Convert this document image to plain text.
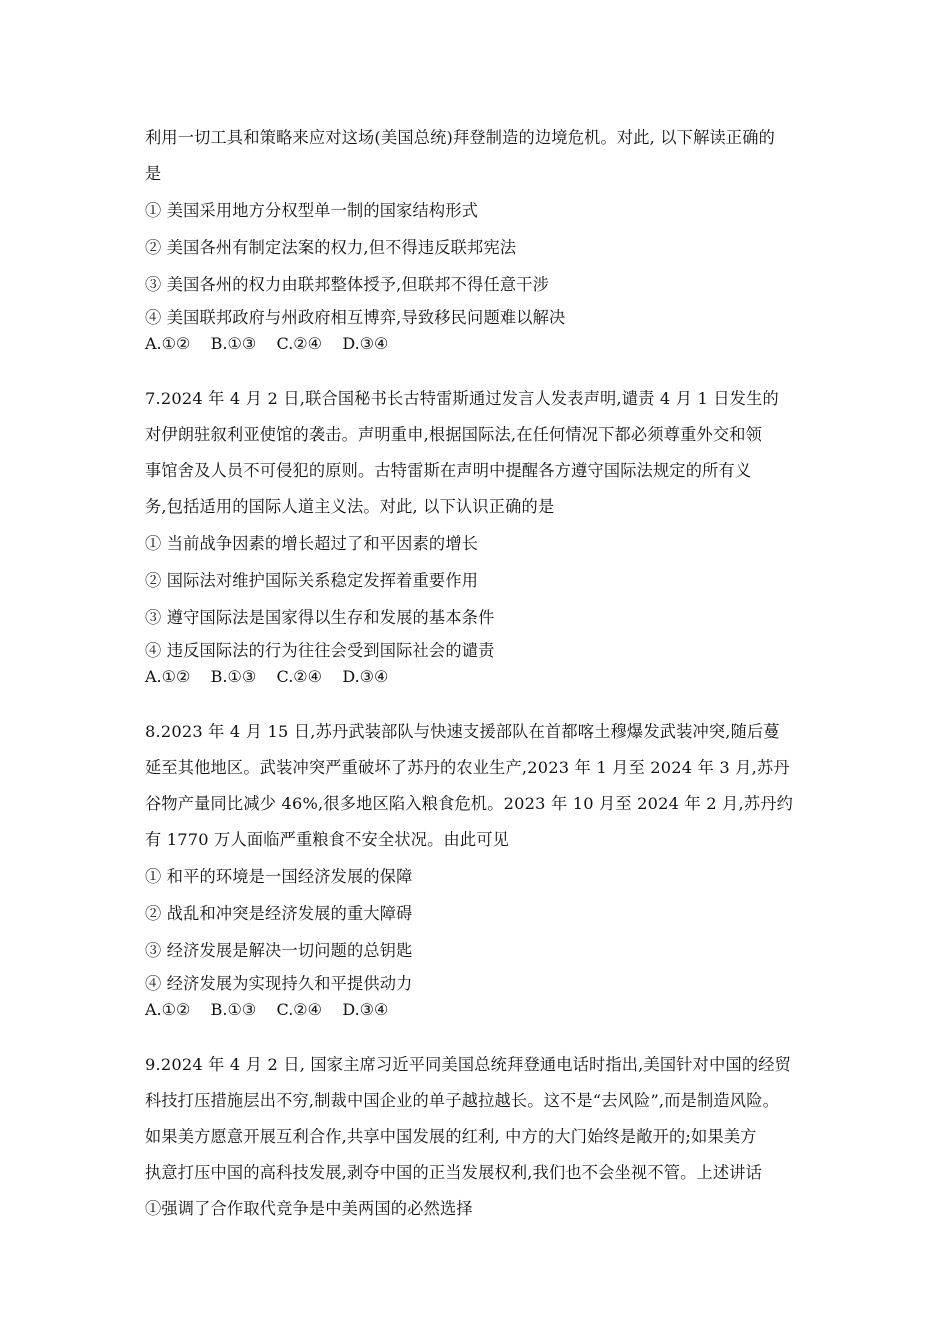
利用一切工具和策略来应对这场(美国总统)拜登制造的边境危机。对此, 以下解读正确的
是
① 美国采用地方分权型单一制的国家结构形式
② 美国各州有制定法案的权力,但不得违反联邦宪法
③ 美国各州的权力由联邦整体授予,但联邦不得任意干涉
④ 美国联邦政府与州政府相互博弈,导致移民问题难以解决
A.①②    B.①③    C.②④    D.③④
7.2024 年 4 月 2 日,联合国秘书长古特雷斯通过发言人发表声明,谴责 4 月 1 日发生的
对伊朗驻叙利亚使馆的袭击。声明重申,根据国际法,在任何情况下都必须尊重外交和领
事馆舍及人员不可侵犯的原则。古特雷斯在声明中提醒各方遵守国际法规定的所有义
务,包括适用的国际人道主义法。对此, 以下认识正确的是
① 当前战争因素的增长超过了和平因素的增长
② 国际法对维护国际关系稳定发挥着重要作用
③ 遵守国际法是国家得以生存和发展的基本条件
④ 违反国际法的行为往往会受到国际社会的谴责
A.①②    B.①③    C.②④    D.③④
8.2023 年 4 月 15 日,苏丹武装部队与快速支援部队在首都喀土穆爆发武装冲突,随后蔓
延至其他地区。武装冲突严重破坏了苏丹的农业生产,2023 年 1 月至 2024 年 3 月,苏丹
谷物产量同比减少 46%,很多地区陷入粮食危机。2023 年 10 月至 2024 年 2 月,苏丹约
有 1770 万人面临严重粮食不安全状况。由此可见
① 和平的环境是一国经济发展的保障
② 战乱和冲突是经济发展的重大障碍
③ 经济发展是解决一切问题的总钥匙
④ 经济发展为实现持久和平提供动力
A.①②    B.①③    C.②④    D.③④
9.2024 年 4 月 2 日, 国家主席习近平同美国总统拜登通电话时指出,美国针对中国的经贸
科技打压措施层出不穷,制裁中国企业的单子越拉越长。这不是“去风险”,而是制造风险。
如果美方愿意开展互利合作,共享中国发展的红利, 中方的大门始终是敞开的;如果美方
执意打压中国的高科技发展,剥夺中国的正当发展权利,我们也不会坐视不管。上述讲话
①强调了合作取代竞争是中美两国的必然选择
